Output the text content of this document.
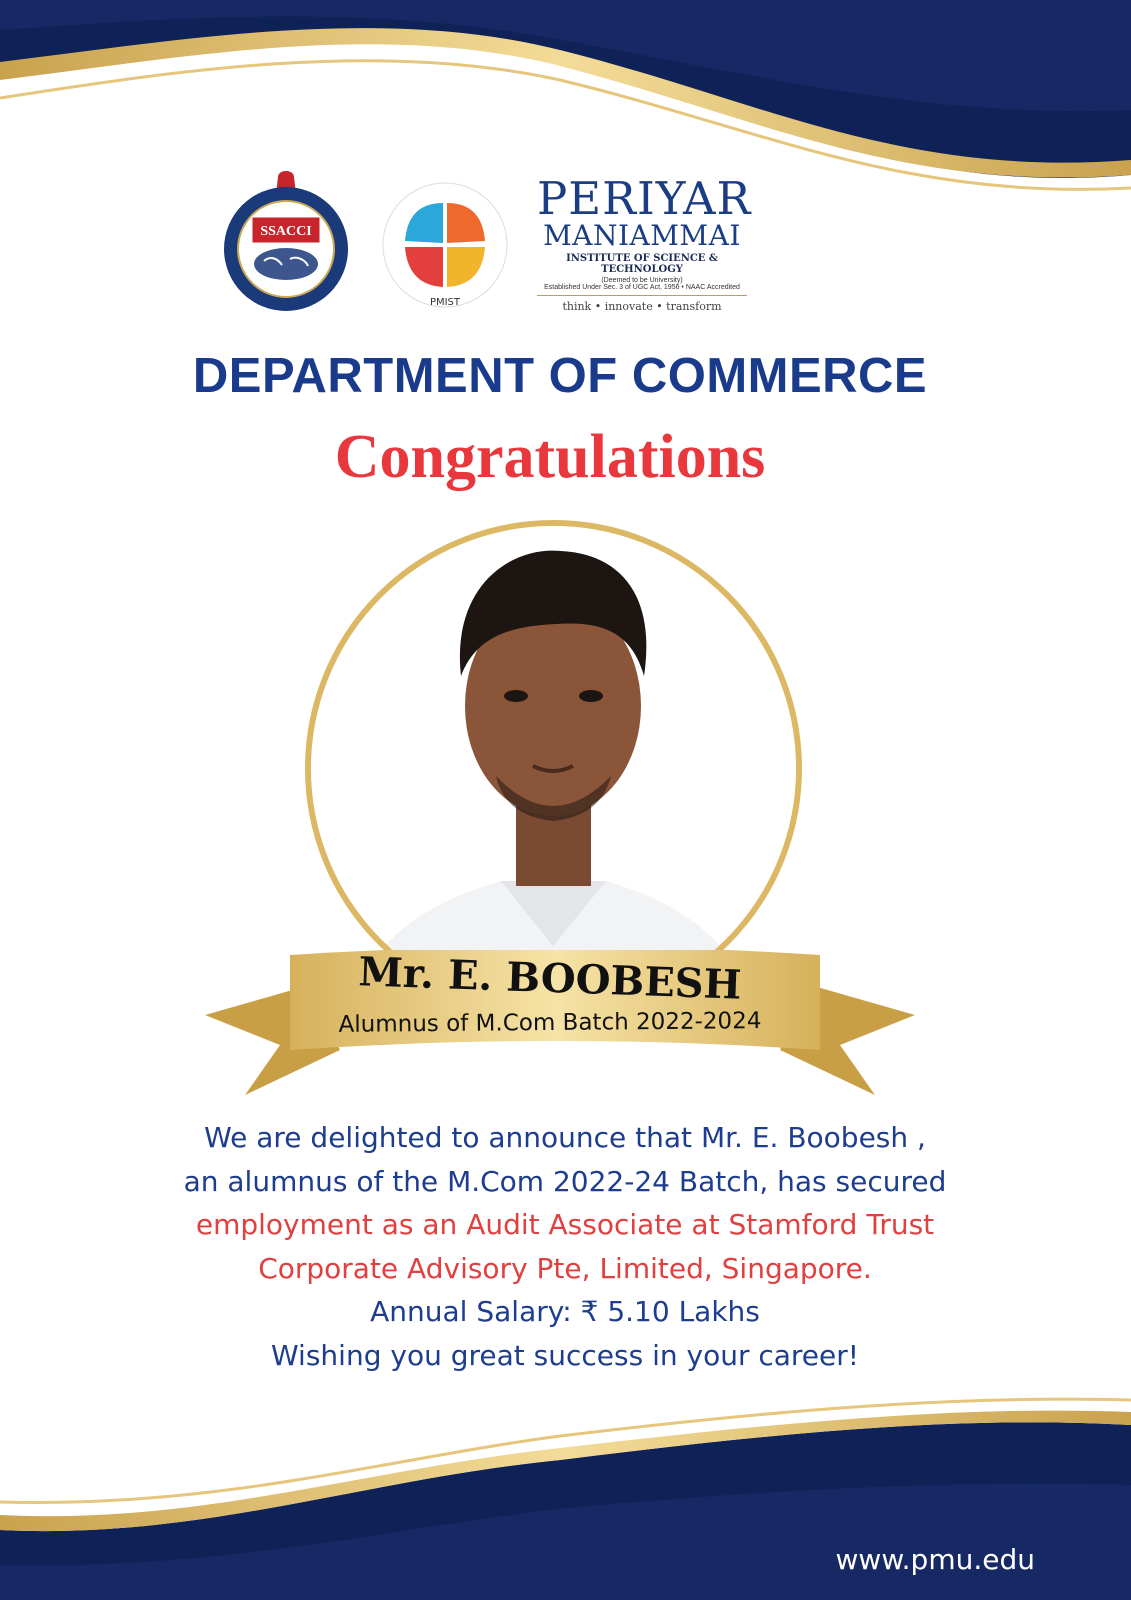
SSACCI
PMIST
PERIYAR
MANIAMMAI
INSTITUTE OF SCIENCE & TECHNOLOGY
(Deemed to be University)
Established Under Sec. 3 of UGC Act, 1956 • NAAC Accredited
think • innovate • transform
DEPARTMENT OF COMMERCE
Congratulations
Mr. E. BOOBESH
Alumnus of M.Com Batch 2022-2024
We are delighted to announce that Mr. E. Boobesh ,
an alumnus of the M.Com 2022-24 Batch, has secured
employment as an Audit Associate at Stamford Trust
Corporate Advisory Pte, Limited, Singapore.
Annual Salary: ₹ 5.10 Lakhs
Wishing you great success in your career!
www.pmu.edu
